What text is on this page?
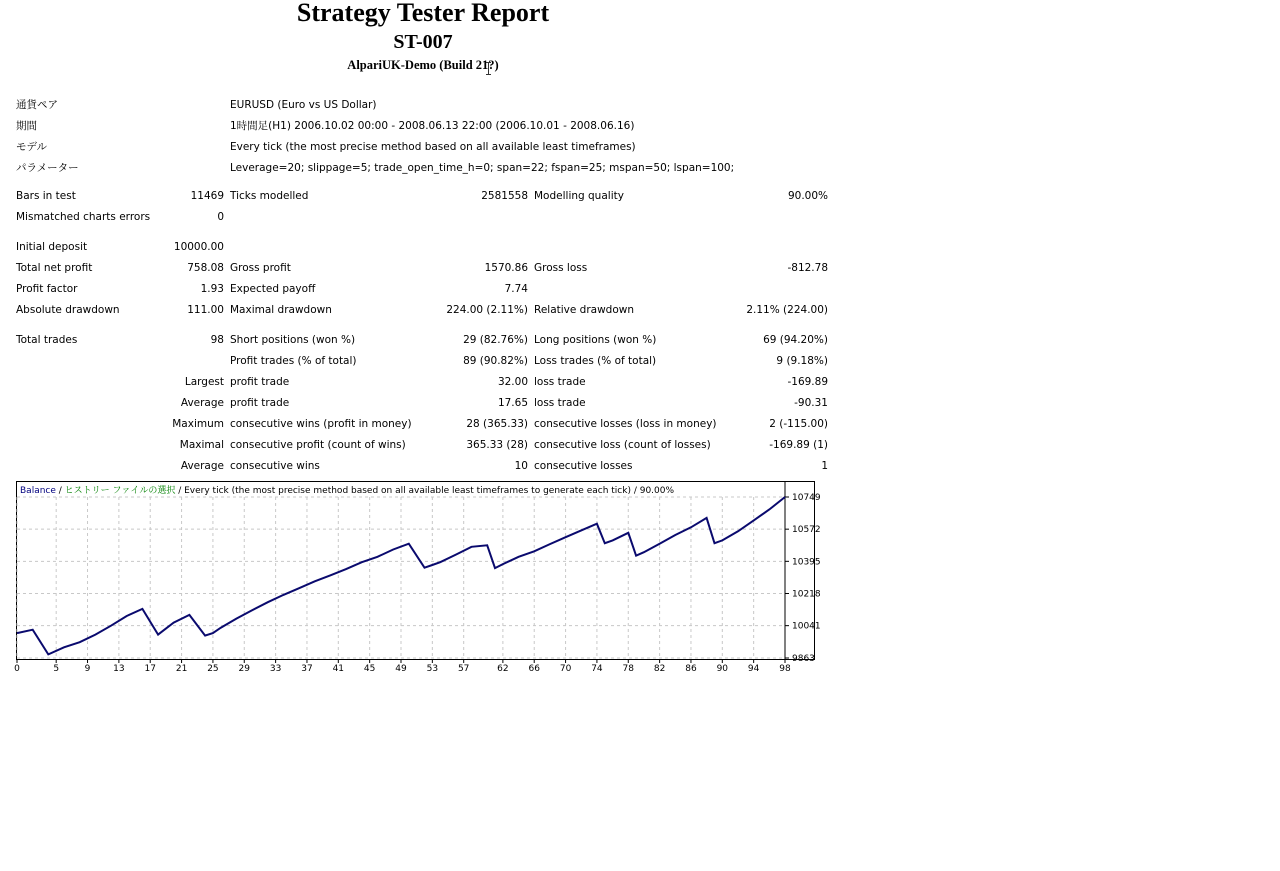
Strategy Tester Report
ST-007
AlpariUK-Demo (Build 21?)
通貨ペア	EURUSD (Euro vs US Dollar)
期間	1時間足(H1) 2006.10.02 00:00 - 2008.06.13 22:00 (2006.10.01 - 2008.06.16)
モデル	Every tick (the most precise method based on all available least timeframes)
パラメーター	Leverage=20; slippage=5; trade_open_time_h=0; span=22; fspan=25; mspan=50; lspan=100;
Bars in test	11469 Ticks modelled	2581558 Modelling quality	90.00%
Mismatched charts errors	0
Initial deposit	10000.00
Total net profit	758.08 Gross profit	1570.86 Gross loss	-812.78
Profit factor	1.93 Expected payoff	7.74
Absolute drawdown	111.00 Maximal drawdown	224.00 (2.11%) Relative drawdown	2.11% (224.00)
Total trades	98 Short positions (won %)	29 (82.76%) Long positions (won %)	69 (94.20%)
Profit trades (% of total)	89 (90.82%) Loss trades (% of total)	9 (9.18%)
Largest profit trade	32.00 loss trade	-169.89
Average profit trade	17.65 loss trade	-90.31
Maximum consecutive wins (profit in money)	28 (365.33) consecutive losses (loss in money)	2 (-115.00)
Maximal consecutive profit (count of wins)	365.33 (28) consecutive loss (count of losses)	-169.89 (1)
Average consecutive wins	10 consecutive losses	1
9863
10041
10218
10395
10572
10749
0	5	9	13 17 21 25 29 33 37 41 45 49 53 57	62 66 70 74 78 82 86 90 94 98
Balance / ヒストリー ファイルの選択 / Every tick (the most precise method based on all available least timeframes to generate each tick) / 90.00%
